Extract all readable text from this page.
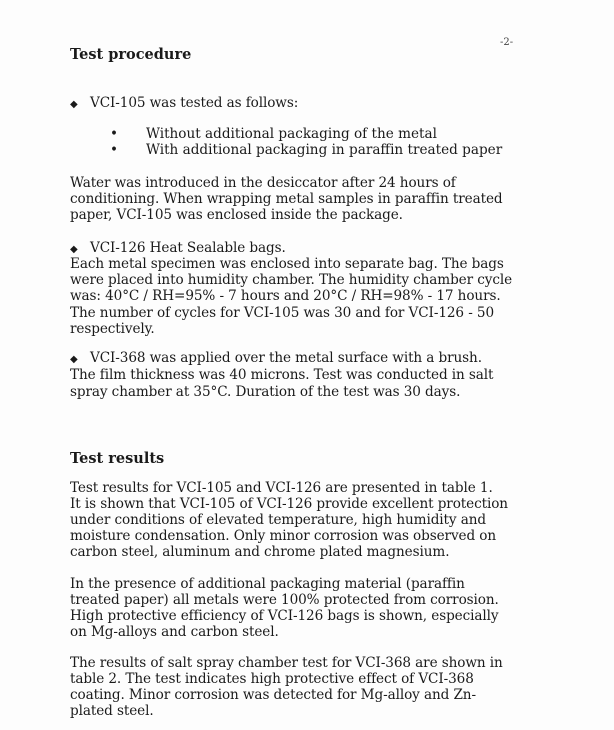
-2-
Test procedure
◆ VCI-105 was tested as follows:
• Without additional packaging of the metal
• With additional packaging in paraffin treated paper
Water was introduced in the desiccator after 24 hours of
conditioning. When wrapping metal samples in paraffin treated
paper, VCI-105 was enclosed inside the package.
◆ VCI-126 Heat Sealable bags.
Each metal specimen was enclosed into separate bag. The bags
were placed into humidity chamber. The humidity chamber cycle
was: 40°C / RH=95% - 7 hours and 20°C / RH=98% - 17 hours.
The number of cycles for VCI-105 was 30 and for VCI-126 - 50
respectively.
◆ VCI-368 was applied over the metal surface with a brush.
The film thickness was 40 microns. Test was conducted in salt
spray chamber at 35°C. Duration of the test was 30 days.
Test results
Test results for VCI-105 and VCI-126 are presented in table 1.
It is shown that VCI-105 of VCI-126 provide excellent protection
under conditions of elevated temperature, high humidity and
moisture condensation. Only minor corrosion was observed on
carbon steel, aluminum and chrome plated magnesium.
In the presence of additional packaging material (paraffin
treated paper) all metals were 100% protected from corrosion.
High protective efficiency of VCI-126 bags is shown, especially
on Mg-alloys and carbon steel.
The results of salt spray chamber test for VCI-368 are shown in
table 2. The test indicates high protective effect of VCI-368
coating. Minor corrosion was detected for Mg-alloy and Zn-
plated steel.
